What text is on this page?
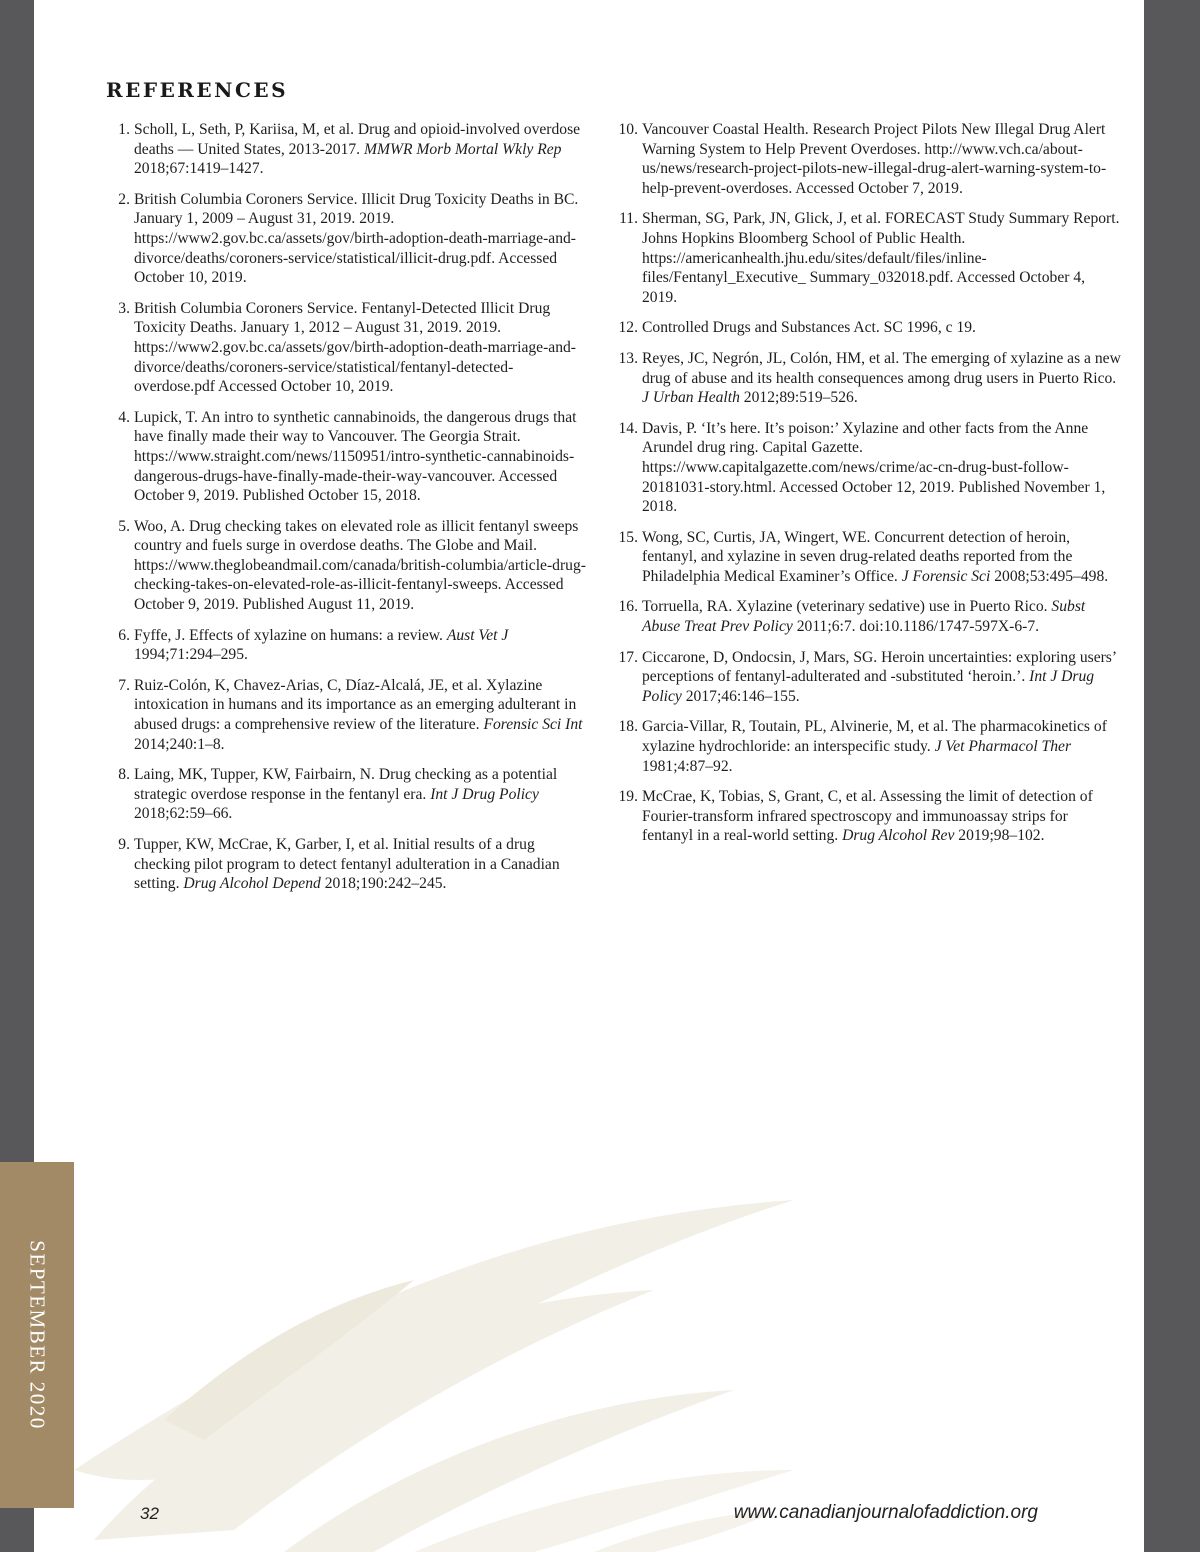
REFERENCES
1. Scholl, L, Seth, P, Kariisa, M, et al. Drug and opioid-involved overdose deaths — United States, 2013-2017. MMWR Morb Mortal Wkly Rep 2018;67:1419–1427.
2. British Columbia Coroners Service. Illicit Drug Toxicity Deaths in BC. January 1, 2009 – August 31, 2019. 2019. https://www2.gov.bc.ca/assets/gov/birth-adoption-death-marriage-and-divorce/deaths/coroners-service/statistical/illicit-drug.pdf. Accessed October 10, 2019.
3. British Columbia Coroners Service. Fentanyl-Detected Illicit Drug Toxicity Deaths. January 1, 2012 – August 31, 2019. 2019. https://www2.gov.bc.ca/assets/gov/birth-adoption-death-marriage-and-divorce/deaths/coroners-service/statistical/fentanyl-detected-overdose.pdf Accessed October 10, 2019.
4. Lupick, T. An intro to synthetic cannabinoids, the dangerous drugs that have finally made their way to Vancouver. The Georgia Strait. https://www.straight.com/news/1150951/intro-synthetic-cannabinoids-dangerous-drugs-have-finally-made-their-way-vancouver. Accessed October 9, 2019. Published October 15, 2018.
5. Woo, A. Drug checking takes on elevated role as illicit fentanyl sweeps country and fuels surge in overdose deaths. The Globe and Mail. https://www.theglobeandmail.com/canada/british-columbia/article-drug-checking-takes-on-elevated-role-as-illicit-fentanyl-sweeps. Accessed October 9, 2019. Published August 11, 2019.
6. Fyffe, J. Effects of xylazine on humans: a review. Aust Vet J 1994;71:294–295.
7. Ruiz-Colón, K, Chavez-Arias, C, Díaz-Alcalá, JE, et al. Xylazine intoxication in humans and its importance as an emerging adulterant in abused drugs: a comprehensive review of the literature. Forensic Sci Int 2014;240:1–8.
8. Laing, MK, Tupper, KW, Fairbairn, N. Drug checking as a potential strategic overdose response in the fentanyl era. Int J Drug Policy 2018;62:59–66.
9. Tupper, KW, McCrae, K, Garber, I, et al. Initial results of a drug checking pilot program to detect fentanyl adulteration in a Canadian setting. Drug Alcohol Depend 2018;190:242–245.
10. Vancouver Coastal Health. Research Project Pilots New Illegal Drug Alert Warning System to Help Prevent Overdoses. http://www.vch.ca/about-us/news/research-project-pilots-new-illegal-drug-alert-warning-system-to-help-prevent-overdoses. Accessed October 7, 2019.
11. Sherman, SG, Park, JN, Glick, J, et al. FORECAST Study Summary Report. Johns Hopkins Bloomberg School of Public Health. https://americanhealth.jhu.edu/sites/default/files/inline-files/Fentanyl_Executive_ Summary_032018.pdf. Accessed October 4, 2019.
12. Controlled Drugs and Substances Act. SC 1996, c 19.
13. Reyes, JC, Negrón, JL, Colón, HM, et al. The emerging of xylazine as a new drug of abuse and its health consequences among drug users in Puerto Rico. J Urban Health 2012;89:519–526.
14. Davis, P. ‘It’s here. It’s poison:’ Xylazine and other facts from the Anne Arundel drug ring. Capital Gazette. https://www.capitalgazette.com/news/crime/ac-cn-drug-bust-follow-20181031-story.html. Accessed October 12, 2019. Published November 1, 2018.
15. Wong, SC, Curtis, JA, Wingert, WE. Concurrent detection of heroin, fentanyl, and xylazine in seven drug-related deaths reported from the Philadelphia Medical Examiner’s Office. J Forensic Sci 2008;53:495–498.
16. Torruella, RA. Xylazine (veterinary sedative) use in Puerto Rico. Subst Abuse Treat Prev Policy 2011;6:7. doi:10.1186/1747-597X-6-7.
17. Ciccarone, D, Ondocsin, J, Mars, SG. Heroin uncertainties: exploring users’ perceptions of fentanyl-adulterated and -substituted ‘heroin.’. Int J Drug Policy 2017;46:146–155.
18. Garcia-Villar, R, Toutain, PL, Alvinerie, M, et al. The pharmacokinetics of xylazine hydrochloride: an interspecific study. J Vet Pharmacol Ther 1981;4:87–92.
19. McCrae, K, Tobias, S, Grant, C, et al. Assessing the limit of detection of Fourier-transform infrared spectroscopy and immunoassay strips for fentanyl in a real-world setting. Drug Alcohol Rev 2019;98–102.
32	www.canadianjournalofaddiction.org
SEPTEMBER 2020
